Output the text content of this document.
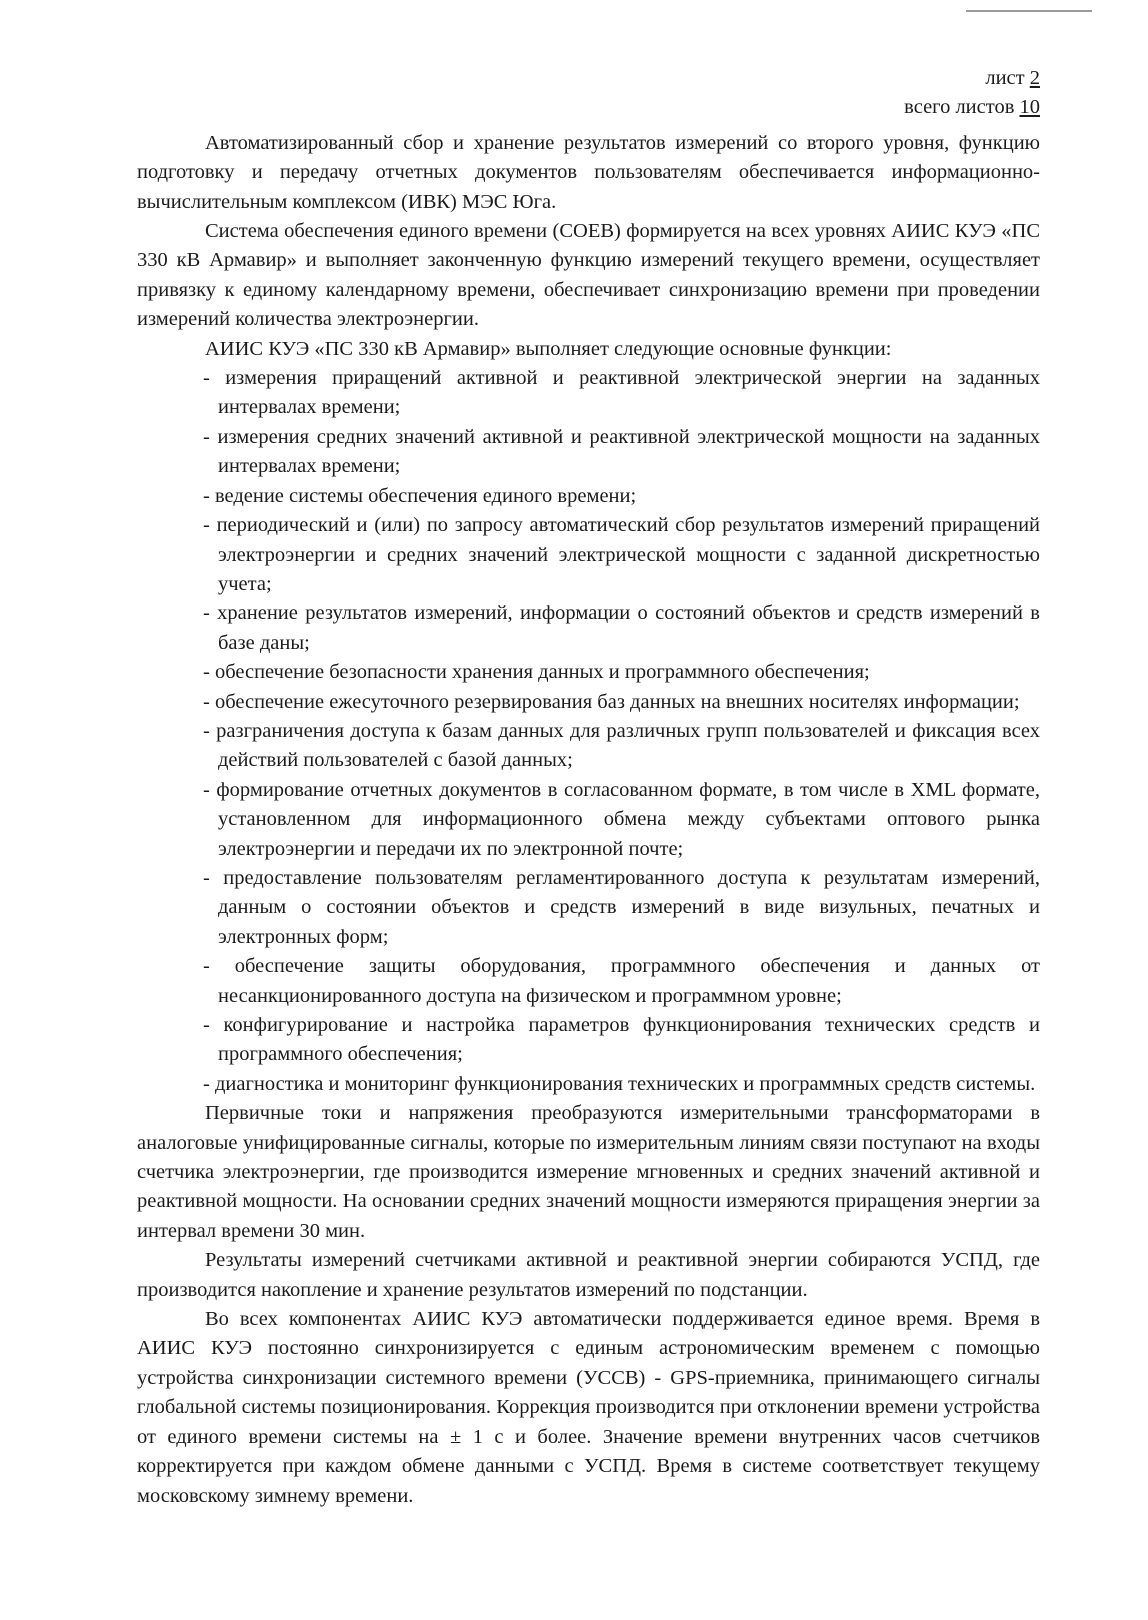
лист 2
всего листов 10

Автоматизированный сбор и хранение результатов измерений со второго уровня, функцию подготовку и передачу отчетных документов пользователям обеспечивается информационно-вычислительным комплексом (ИВК) МЭС Юга.

Система обеспечения единого времени (СОЕВ) формируется на всех уровнях АИИС КУЭ «ПС 330 кВ Армавир» и выполняет законченную функцию измерений текущего времени, осуществляет привязку к единому календарному времени, обеспечивает синхронизацию времени при проведении измерений количества электроэнергии.

АИИС КУЭ «ПС 330 кВ Армавир» выполняет следующие основные функции:

- измерения приращений активной и реактивной электрической энергии на заданных интервалах времени;
- измерения средних значений активной и реактивной электрической мощности на заданных интервалах времени;
- ведение системы обеспечения единого времени;
- периодический и (или) по запросу автоматический сбор результатов измерений приращений электроэнергии и средних значений электрической мощности с заданной дискретностью учета;
- хранение результатов измерений, информации о состояний объектов и средств измерений в базе даны;
- обеспечение безопасности хранения данных и программного обеспечения;
- обеспечение ежесуточного резервирования баз данных на внешних носителях информации;
- разграничения доступа к базам данных для различных групп пользователей и фиксация всех действий пользователей с базой данных;
- формирование отчетных документов в согласованном формате, в том числе в XML формате, установленном для информационного обмена между субъектами оптового рынка электроэнергии и передачи их по электронной почте;
- предоставление пользователям регламентированного доступа к результатам измерений, данным о состоянии объектов и средств измерений в виде визульных, печатных и электронных форм;
- обеспечение защиты оборудования, программного обеспечения и данных от несанкционированного доступа на физическом и программном уровне;
- конфигурирование и настройка параметров функционирования технических средств и программного обеспечения;
- диагностика и мониторинг функционирования технических и программных средств системы.

Первичные токи и напряжения преобразуются измерительными трансформаторами в аналоговые унифицированные сигналы, которые по измерительным линиям связи поступают на входы счетчика электроэнергии, где производится измерение мгновенных и средних значений активной и реактивной мощности. На основании средних значений мощности измеряются приращения энергии за интервал времени 30 мин.

Результаты измерений счетчиками активной и реактивной энергии собираются УСПД, где производится накопление и хранение результатов измерений по подстанции.

Во всех компонентах АИИС КУЭ автоматически поддерживается единое время. Время в АИИС КУЭ постоянно синхронизируется с единым астрономическим временем с помощью устройства синхронизации системного времени (УССВ) - GPS-приемника, принимающего сигналы глобальной системы позиционирования. Коррекция производится при отклонении времени устройства от единого времени системы на ± 1 с и более. Значение времени внутренних часов счетчиков корректируется при каждом обмене данными с УСПД. Время в системе соответствует текущему московскому зимнему времени.
